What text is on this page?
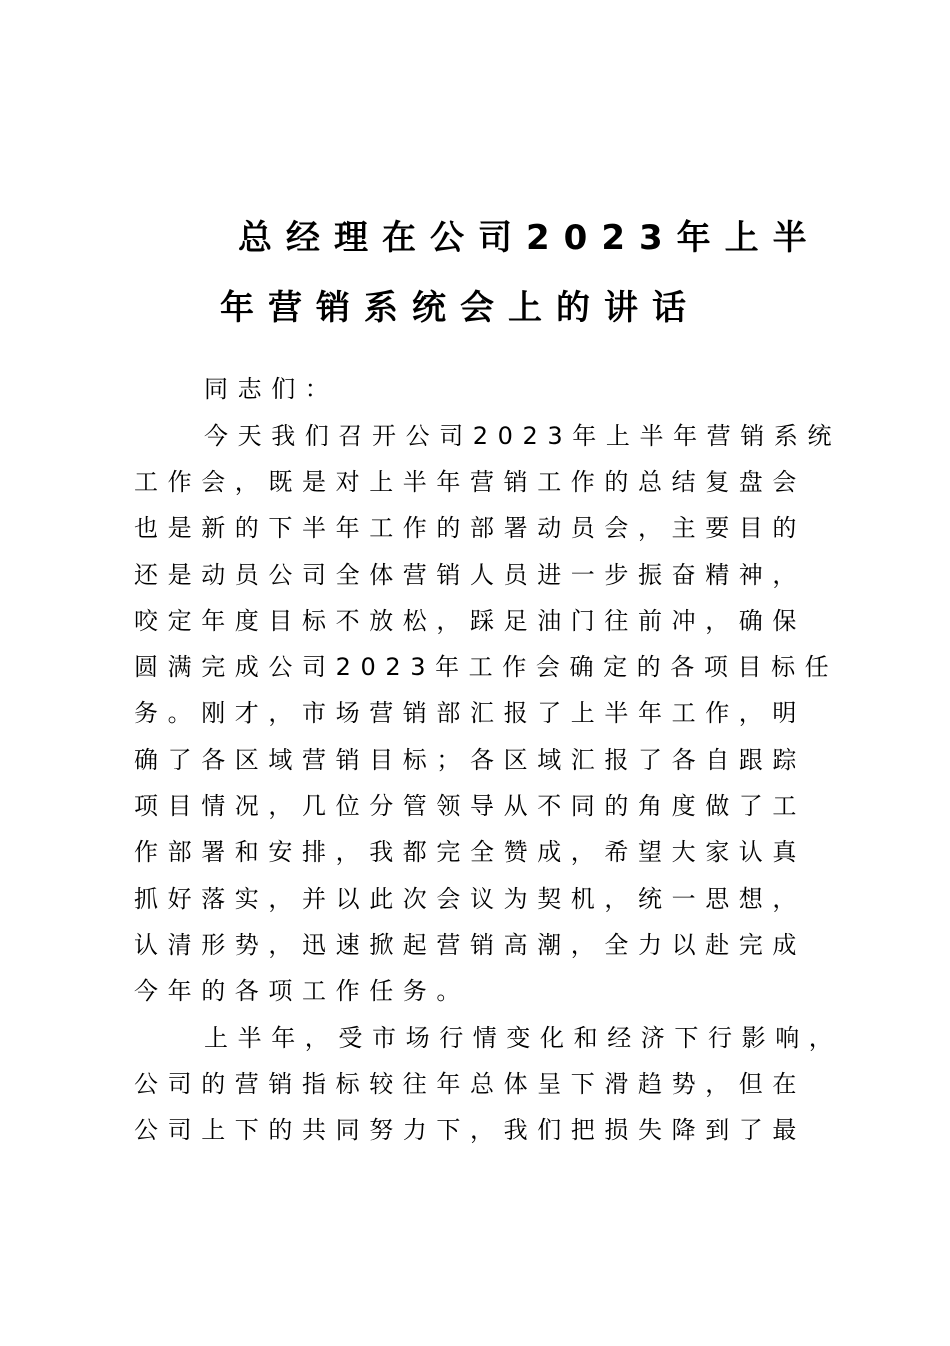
总经理在公司2023年上半
年营销系统会上的讲话
同志们：
今天我们召开公司2023年上半年营销系统
工作会，既是对上半年营销工作的总结复盘会
也是新的下半年工作的部署动员会，主要目的
还是动员公司全体营销人员进一步振奋精神，
咬定年度目标不放松，踩足油门往前冲，确保
圆满完成公司2023年工作会确定的各项目标任
务。刚才，市场营销部汇报了上半年工作，明
确了各区域营销目标；各区域汇报了各自跟踪
项目情况，几位分管领导从不同的角度做了工
作部署和安排，我都完全赞成，希望大家认真
抓好落实，并以此次会议为契机，统一思想，
认清形势，迅速掀起营销高潮，全力以赴完成
今年的各项工作任务。
上半年，受市场行情变化和经济下行影响，
公司的营销指标较往年总体呈下滑趋势，但在
公司上下的共同努力下，我们把损失降到了最
